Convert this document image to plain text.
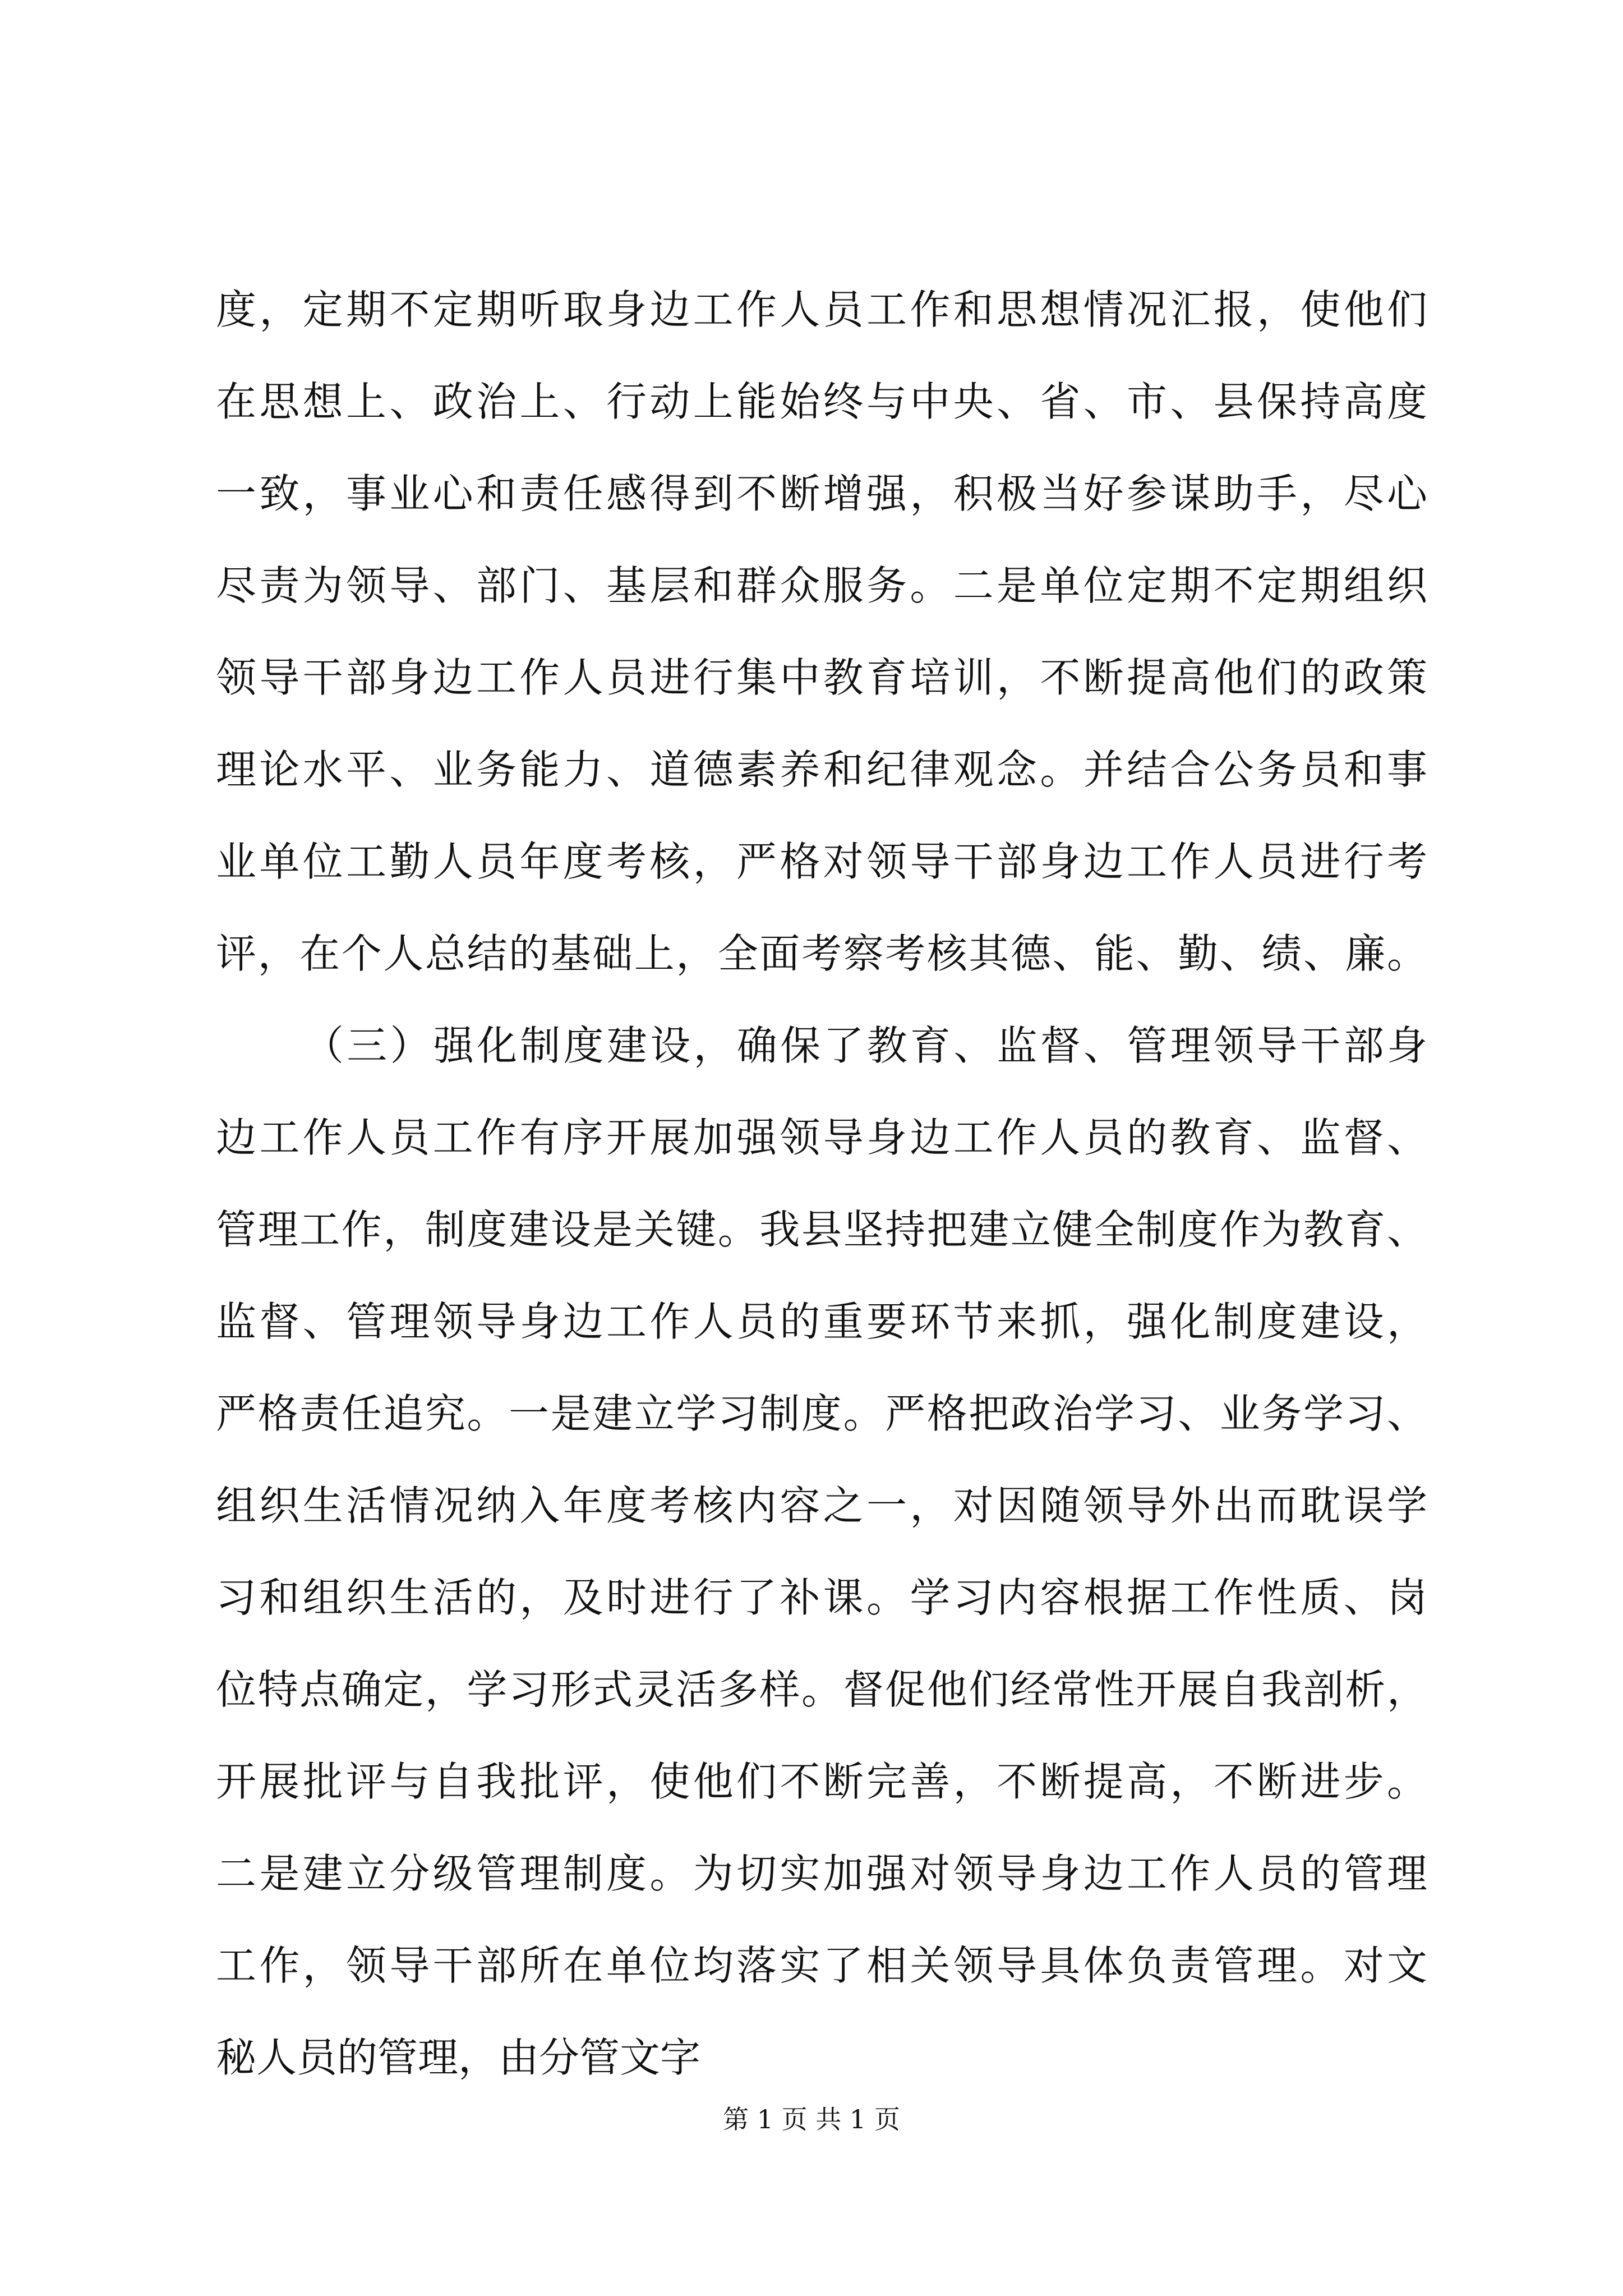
度，定期不定期听取身边工作人员工作和思想情况汇报，使他们
在思想上、政治上、行动上能始终与中央、省、市、县保持高度
一致，事业心和责任感得到不断增强，积极当好参谋助手，尽心
尽责为领导、部门、基层和群众服务。二是单位定期不定期组织
领导干部身边工作人员进行集中教育培训，不断提高他们的政策
理论水平、业务能力、道德素养和纪律观念。并结合公务员和事
业单位工勤人员年度考核，严格对领导干部身边工作人员进行考
评，在个人总结的基础上，全面考察考核其德、能、勤、绩、廉。
（三）强化制度建设，确保了教育、监督、管理领导干部身
边工作人员工作有序开展加强领导身边工作人员的教育、监督、
管理工作，制度建设是关键。我县坚持把建立健全制度作为教育、
监督、管理领导身边工作人员的重要环节来抓，强化制度建设，
严格责任追究。一是建立学习制度。严格把政治学习、业务学习、
组织生活情况纳入年度考核内容之一，对因随领导外出而耽误学
习和组织生活的，及时进行了补课。学习内容根据工作性质、岗
位特点确定，学习形式灵活多样。督促他们经常性开展自我剖析，
开展批评与自我批评，使他们不断完善，不断提高，不断进步。
二是建立分级管理制度。为切实加强对领导身边工作人员的管理
工作，领导干部所在单位均落实了相关领导具体负责管理。对文
秘人员的管理，由分管文字
第 1 页 共 1 页
